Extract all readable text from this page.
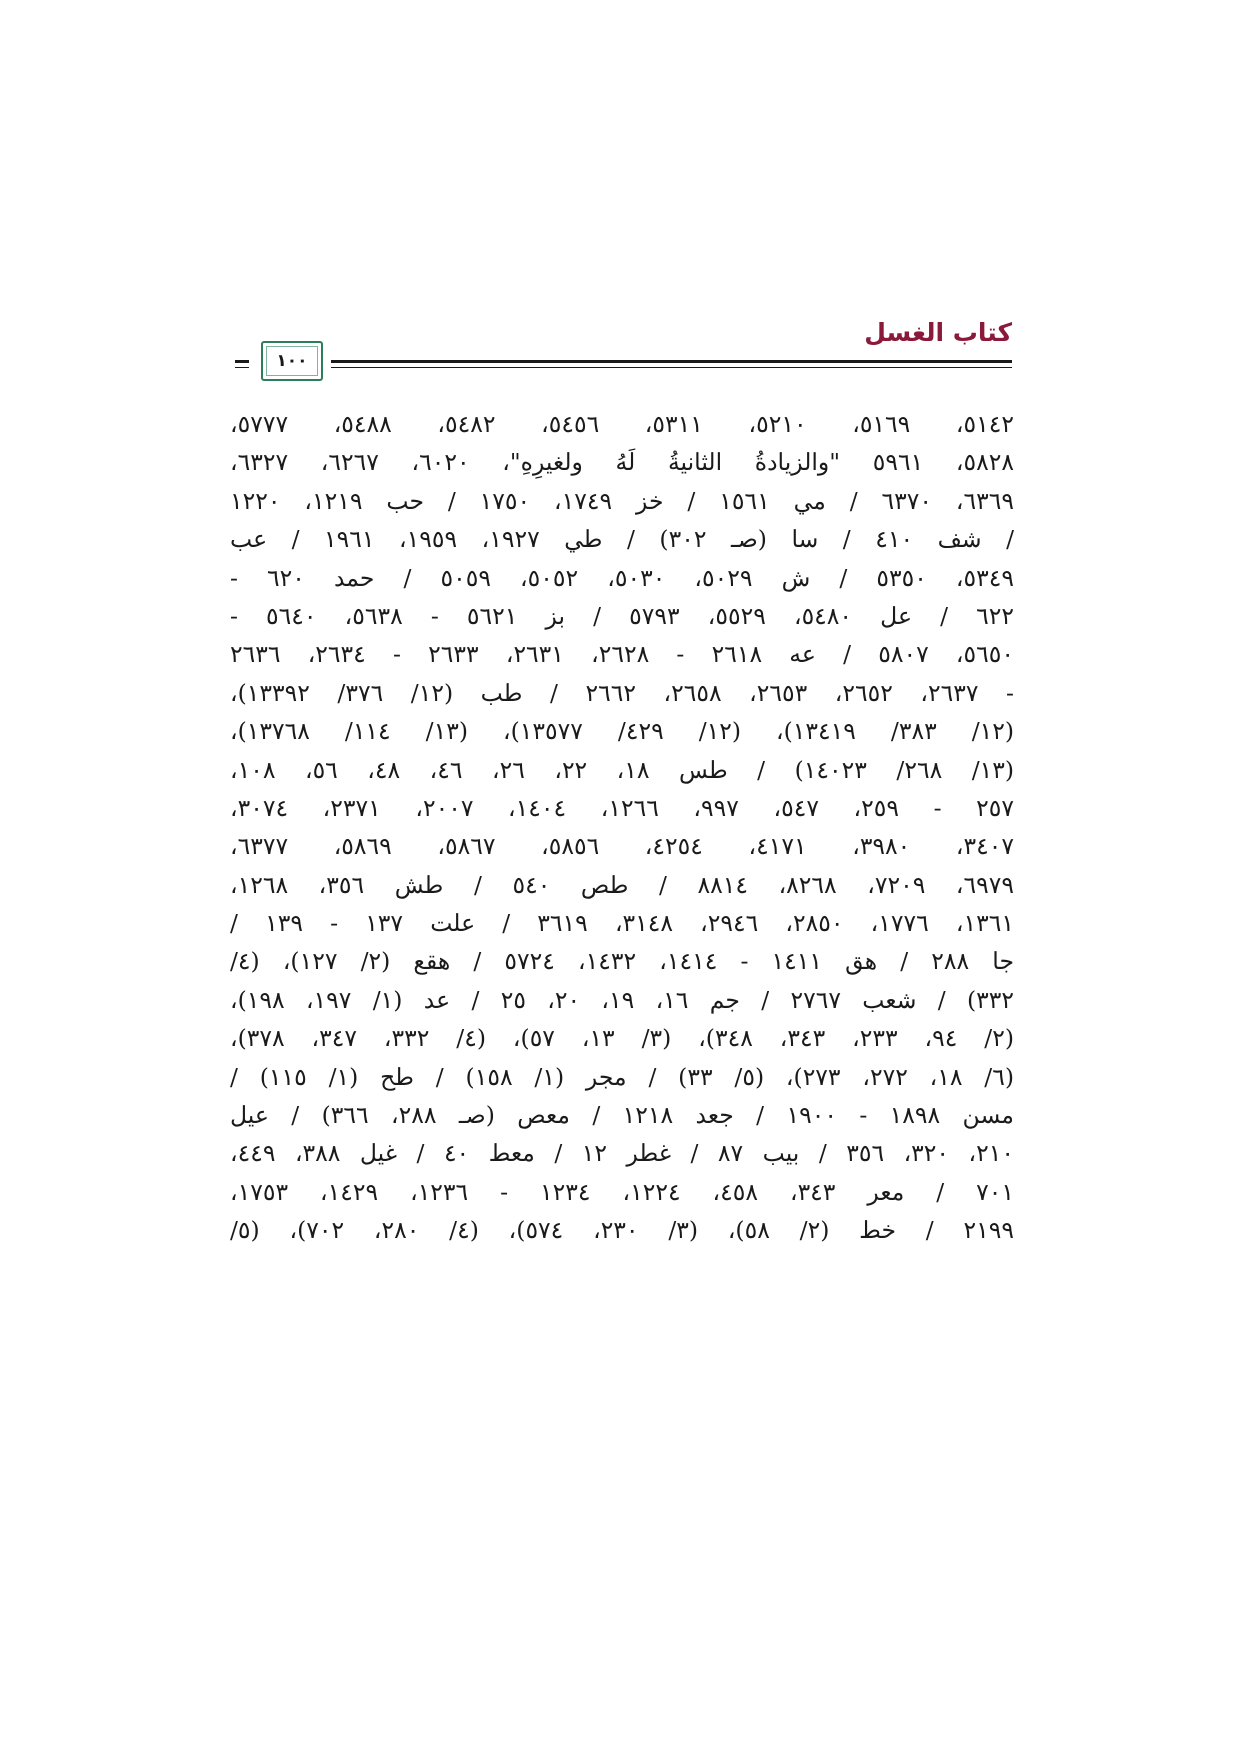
كتاب الغسل
١٠٠
٥١٤٢، ٥١٦٩، ٥٢١٠، ٥٣١١، ٥٤٥٦، ٥٤٨٢، ٥٤٨٨، ٥٧٧٧،
٥٨٢٨، ٥٩٦١ "والزيادةُ الثانيةُ لَهُ ولغيرِهِ"، ٦٠٢٠، ٦٢٦٧، ٦٣٢٧،
٦٣٦٩، ٦٣٧٠ / مي ١٥٦١ / خز ١٧٤٩، ١٧٥٠ / حب ١٢١٩، ١٢٢٠
/ شف ٤١٠ / سا (صـ ٣٠٢) / طي ١٩٢٧، ١٩٥٩، ١٩٦١ / عب
٥٣٤٩، ٥٣٥٠ / ش ٥٠٢٩، ٥٠٣٠، ٥٠٥٢، ٥٠٥٩ / حمد ٦٢٠ -
٦٢٢ / عل ٥٤٨٠، ٥٥٢٩، ٥٧٩٣ / بز ٥٦٢١ - ٥٦٣٨، ٥٦٤٠ -
٥٦٥٠، ٥٨٠٧ / عه ٢٦١٨ - ٢٦٢٨، ٢٦٣١، ٢٦٣٣ - ٢٦٣٤، ٢٦٣٦
- ٢٦٣٧، ٢٦٥٢، ٢٦٥٣، ٢٦٥٨، ٢٦٦٢ / طب (١٢/ ٣٧٦/ ١٣٣٩٢)،
(١٢/ ٣٨٣/ ١٣٤١٩)، (١٢/ ٤٢٩/ ١٣٥٧٧)، (١٣/ ١١٤/ ١٣٧٦٨)،
(١٣/ ٢٦٨/ ١٤٠٢٣) / طس ١٨، ٢٢، ٢٦، ٤٦، ٤٨، ٥٦، ١٠٨،
٢٥٧ - ٢٥٩، ٥٤٧، ٩٩٧، ١٢٦٦، ١٤٠٤، ٢٠٠٧، ٢٣٧١، ٣٠٧٤،
٣٤٠٧، ٣٩٨٠، ٤١٧١، ٤٢٥٤، ٥٨٥٦، ٥٨٦٧، ٥٨٦٩، ٦٣٧٧،
٦٩٧٩، ٧٢٠٩، ٨٢٦٨، ٨٨١٤ / طص ٥٤٠ / طش ٣٥٦، ١٢٦٨،
١٣٦١، ١٧٧٦، ٢٨٥٠، ٢٩٤٦، ٣١٤٨، ٣٦١٩ / علت ١٣٧ - ١٣٩ /
جا ٢٨٨ / هق ١٤١١ - ١٤١٤، ١٤٣٢، ٥٧٢٤ / هقع (٢/ ١٢٧)، (٤/
٣٣٢) / شعب ٢٧٦٧ / جم ١٦، ١٩، ٢٠، ٢٥ / عد (١/ ١٩٧، ١٩٨)،
(٢/ ٩٤، ٢٣٣، ٣٤٣، ٣٤٨)، (٣/ ١٣، ٥٧)، (٤/ ٣٣٢، ٣٤٧، ٣٧٨)،
(٦/ ١٨، ٢٧٢، ٢٧٣)، (٥/ ٣٣) / مجر (١/ ١٥٨) / طح (١/ ١١٥) /
مسن ١٨٩٨ - ١٩٠٠ / جعد ١٢١٨ / معص (صـ ٢٨٨، ٣٦٦) / عيل
٢١٠، ٣٢٠، ٣٥٦ / بيب ٨٧ / غطر ١٢ / معط ٤٠ / غيل ٣٨٨، ٤٤٩،
٧٠١ / معر ٣٤٣، ٤٥٨، ١٢٢٤، ١٢٣٤ - ١٢٣٦، ١٤٢٩، ١٧٥٣،
٢١٩٩ / خط (٢/ ٥٨)، (٣/ ٢٣٠، ٥٧٤)، (٤/ ٢٨٠، ٧٠٢)، (٥/
